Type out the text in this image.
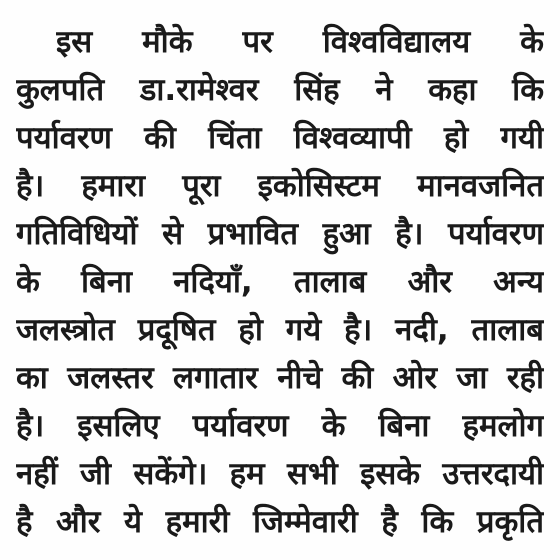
इस मौके पर विश्वविद्यालय के
कुलपति डा.रामेश्वर सिंह ने कहा कि
पर्यावरण की चिंता विश्वव्यापी हो गयी
है। हमारा पूरा इकोसिस्टम मानवजनित
गतिविधियों से प्रभावित हुआ है। पर्यावरण
के बिना नदियाँ, तालाब और अन्य
जलस्त्रोत प्रदूषित हो गये है। नदी, तालाब
का जलस्तर लगातार नीचे की ओर जा रही
है। इसलिए पर्यावरण के बिना हमलोग
नहीं जी सकेंगे। हम सभी इसके उत्तरदायी
है और ये हमारी जिम्मेवारी है कि प्रकृति
